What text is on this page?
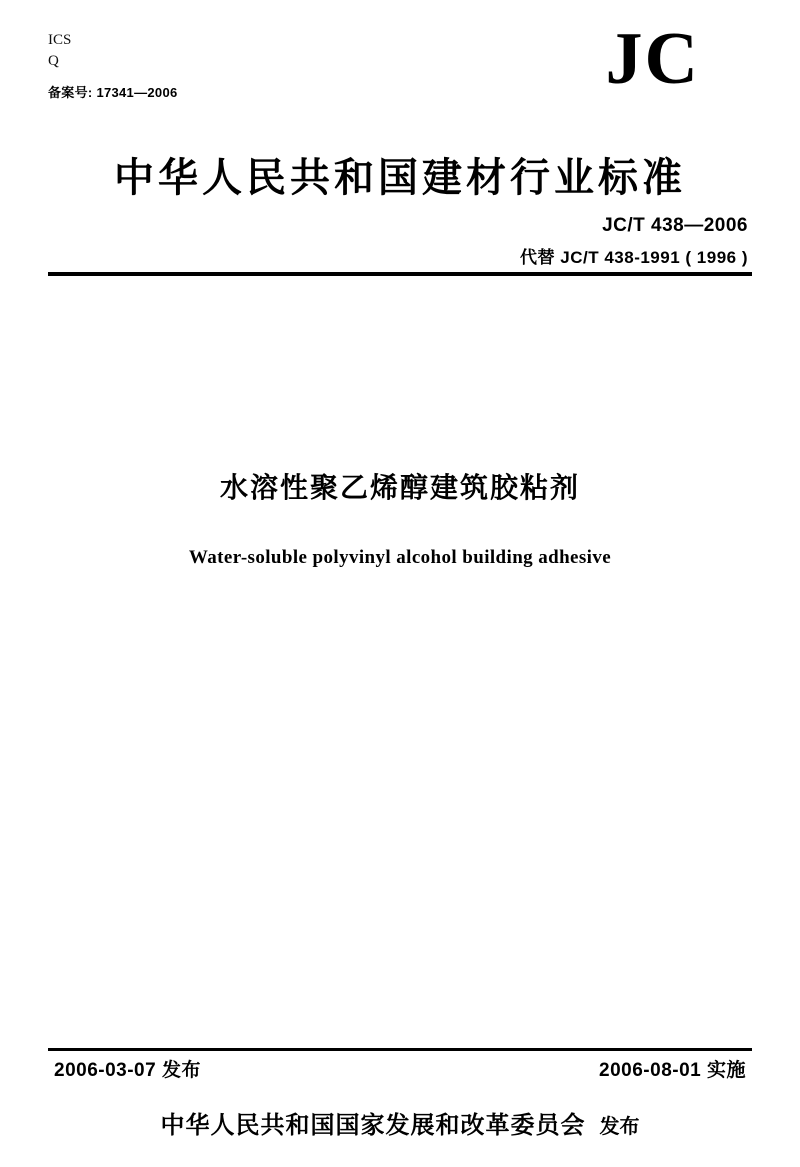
ICS
Q
备案号: 17341—2006	JC
中华人民共和国建材行业标准
JC/T 438—2006
代替 JC/T 438-1991 ( 1996 )
水溶性聚乙烯醇建筑胶粘剂
Water-soluble polyvinyl alcohol building adhesive
2006-03-07 发布	2006-08-01 实施
中华人民共和国国家发展和改革委员会 发布
